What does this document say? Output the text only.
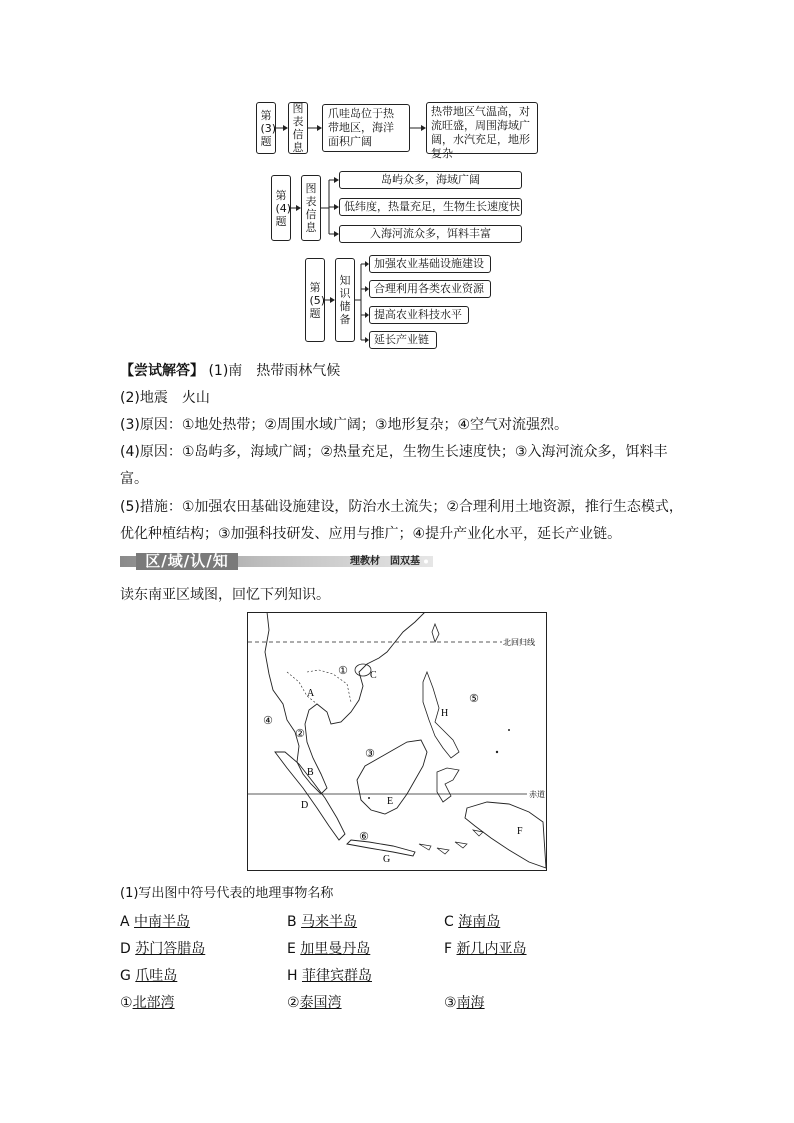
第(3)题
图表信息
爪哇岛位于热带地区，海洋面积广阔
热带地区气温高，对流旺盛，周围海域广阔，水汽充足，地形复杂
第(4)题
图表信息
岛屿众多，海域广阔
低纬度，热量充足，生物生长速度快
入海河流众多，饵料丰富
第(5)题
知识储备
加强农业基础设施建设
合理利用各类农业资源
提高农业科技水平
延长产业链
【尝试解答】 (1)南　热带雨林气候
(2)地震　火山
(3)原因：①地处热带；②周围水域广阔；③地形复杂；④空气对流强烈。
(4)原因：①岛屿多，海域广阔；②热量充足，生物生长速度快；③入海河流众多，饵料丰
富。
(5)措施：①加强农田基础设施建设，防治水土流失；②合理利用土地资源，推行生态模式，
优化种植结构；③加强科技研发、应用与推广；④提升产业化水平，延长产业链。
区/域/认/知	理教材　固双基
读东南亚区域图，回忆下列知识。
A
B
C
D	E
F
G
H
①
②
③
④
⑤
⑥
北回归线
赤道
(1)写出图中符号代表的地理事物名称
A 中南半岛	B 马来半岛	C 海南岛
D 苏门答腊岛	E 加里曼丹岛	F 新几内亚岛
G 爪哇岛	H 菲律宾群岛
①北部湾	②泰国湾	③南海
